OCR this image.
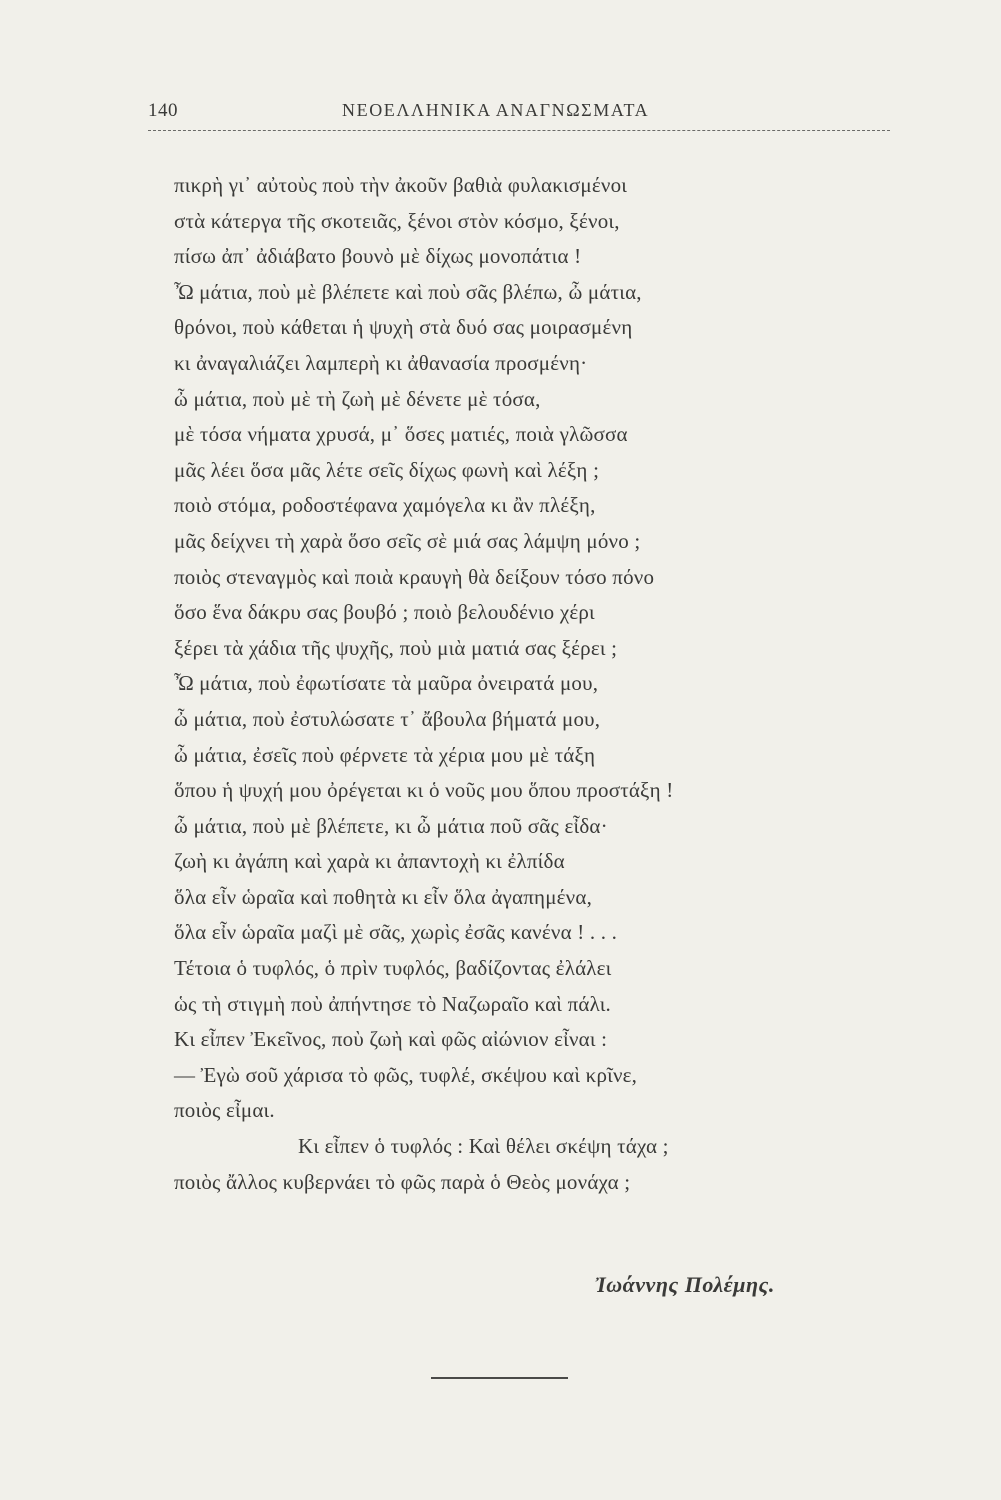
140	ΝΕΟΕΛΛΗΝΙΚΑ ΑΝΑΓΝΩΣΜΑΤΑ
πικρὴ γι᾿ αὐτοὺς ποὺ τὴν ἀκοῦν βαθιὰ φυλακισμένοι
στὰ κάτεργα τῆς σκοτειᾶς, ξένοι στὸν κόσμο, ξένοι,
πίσω ἀπ᾿ ἀδιάβατο βουνὸ μὲ δίχως μονοπάτια !
Ὦ μάτια, ποὺ μὲ βλέπετε καὶ ποὺ σᾶς βλέπω, ὦ μάτια,
θρόνοι, ποὺ κάθεται ἡ ψυχὴ στὰ δυό σας μοιρασμένη
κι ἀναγαλιάζει λαμπερὴ κι ἀθανασία προσμένη·
ὦ μάτια, ποὺ μὲ τὴ ζωὴ μὲ δένετε μὲ τόσα,
μὲ τόσα νήματα χρυσά, μ᾿ ὅσες ματιές, ποιὰ γλῶσσα
μᾶς λέει ὅσα μᾶς λέτε σεῖς δίχως φωνὴ καὶ λέξη ;
ποιὸ στόμα, ροδοστέφανα χαμόγελα κι ἂν πλέξη,
μᾶς δείχνει τὴ χαρὰ ὅσο σεῖς σὲ μιά σας λάμψη μόνο ;
ποιὸς στεναγμὸς καὶ ποιὰ κραυγὴ θὰ δείξουν τόσο πόνο
ὅσο ἕνα δάκρυ σας βουβό ; ποιὸ βελουδένιο χέρι
ξέρει τὰ χάδια τῆς ψυχῆς, ποὺ μιὰ ματιά σας ξέρει ;
Ὦ μάτια, ποὺ ἐφωτίσατε τὰ μαῦρα ὀνειρατά μου,
ὦ μάτια, ποὺ ἐστυλώσατε τ᾿ ἄβουλα βήματά μου,
ὦ μάτια, ἐσεῖς ποὺ φέρνετε τὰ χέρια μου μὲ τάξη
ὅπου ἡ ψυχή μου ὀρέγεται κι ὁ νοῦς μου ὅπου προστάξη !
ὦ μάτια, ποὺ μὲ βλέπετε, κι ὦ μάτια ποῦ σᾶς εἶδα·
ζωὴ κι ἀγάπη καὶ χαρὰ κι ἀπαντοχὴ κι ἐλπίδα
ὅλα εἶν ὡραῖα καὶ ποθητὰ κι εἶν ὅλα ἀγαπημένα,
ὅλα εἶν ὡραῖα μαζὶ μὲ σᾶς, χωρὶς ἐσᾶς κανένα ! . . .
Τέτοια ὁ τυφλός, ὁ πρὶν τυφλός, βαδίζοντας ἐλάλει
ὡς τὴ στιγμὴ ποὺ ἀπήντησε τὸ Ναζωραῖο καὶ πάλι.
Κι εἶπεν Ἐκεῖνος, ποὺ ζωὴ καὶ φῶς αἰώνιον εἶναι :
— Ἐγὼ σοῦ χάρισα τὸ φῶς, τυφλέ, σκέψου καὶ κρῖνε,
ποιὸς εἶμαι.
Κι εἶπεν ὁ τυφλός : Καὶ θέλει σκέψη τάχα ;
ποιὸς ἄλλος κυβερνάει τὸ φῶς παρὰ ὁ Θεὸς μονάχα ;
Ἰωάννης Πολέμης.
